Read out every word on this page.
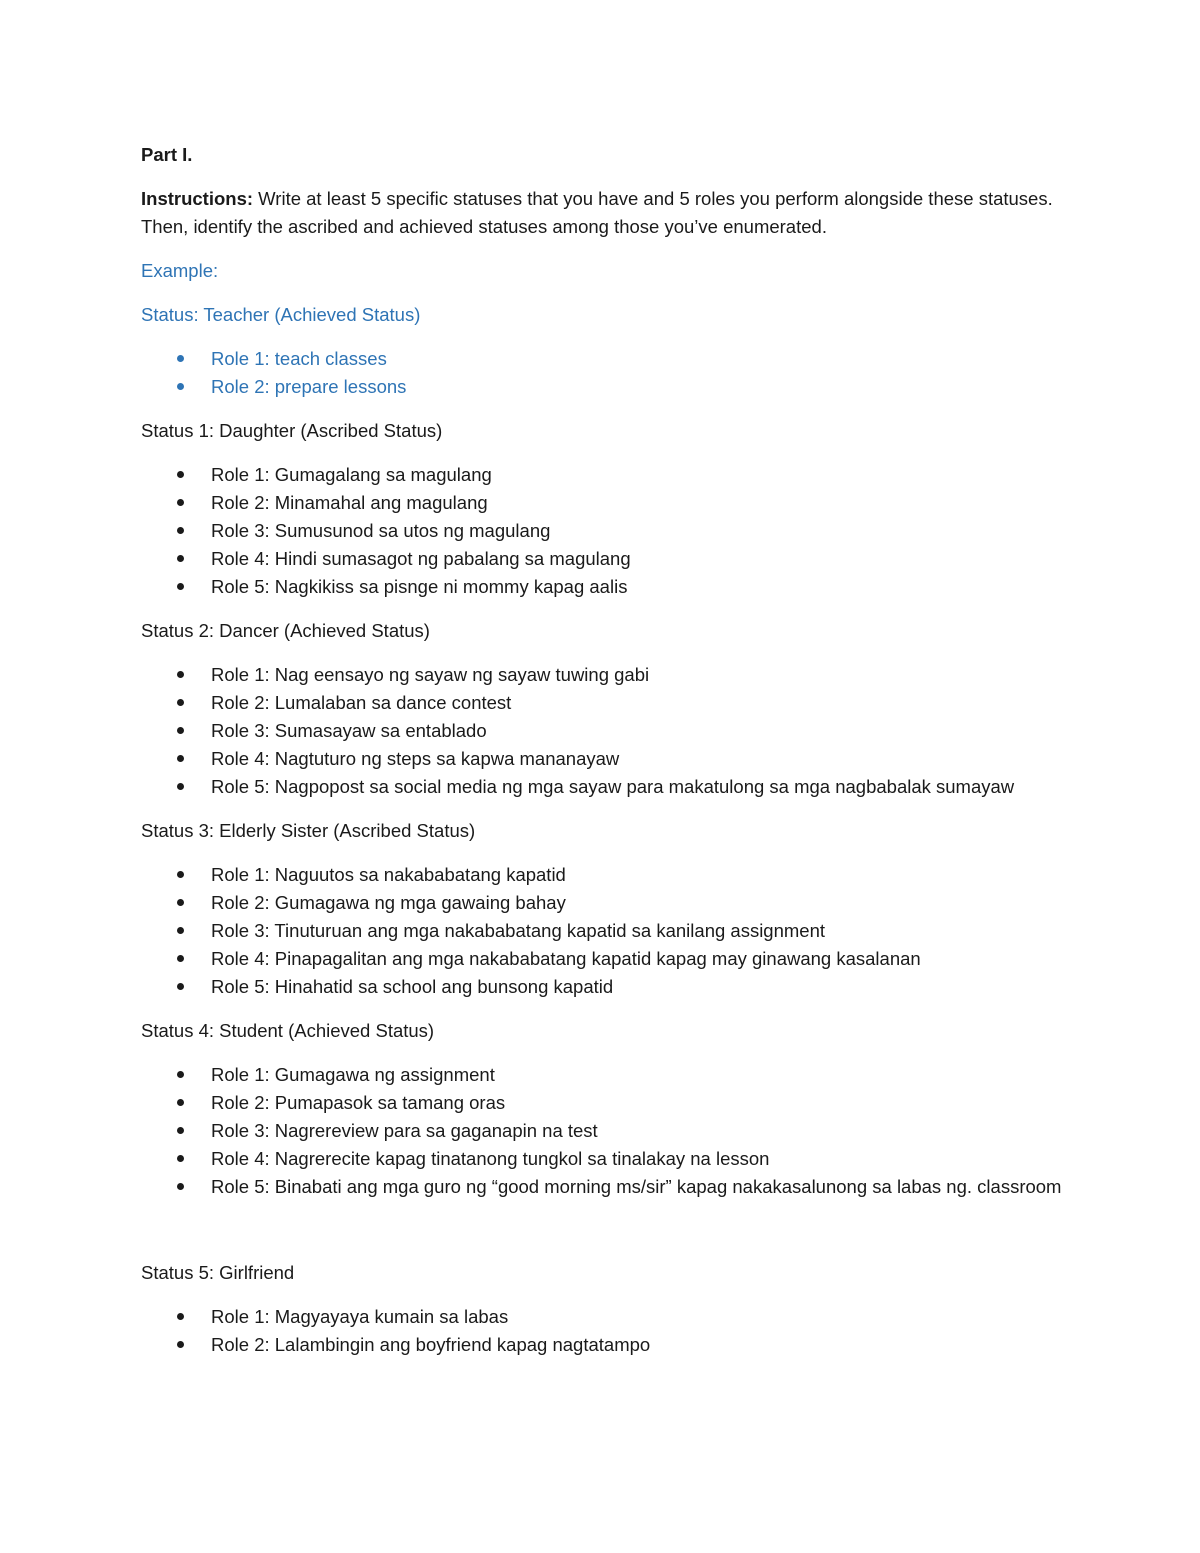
Part I.

Instructions: Write at least 5 specific statuses that you have and 5 roles you perform alongside these statuses. Then, identify the ascribed and achieved statuses among those you’ve enumerated.

Example:

Status: Teacher (Achieved Status)

Role 1: teach classes
Role 2: prepare lessons

Status 1: Daughter (Ascribed Status)

Role 1: Gumagalang sa magulang
Role 2: Minamahal ang magulang
Role 3: Sumusunod sa utos ng magulang
Role 4: Hindi sumasagot ng pabalang sa magulang
Role 5: Nagkikiss sa pisnge ni mommy kapag aalis

Status 2: Dancer (Achieved Status)

Role 1: Nag eensayo ng sayaw ng sayaw tuwing gabi
Role 2: Lumalaban sa dance contest
Role 3: Sumasayaw sa entablado
Role 4: Nagtuturo ng steps sa kapwa mananayaw
Role 5: Nagpopost sa social media ng mga sayaw para makatulong sa mga nagbabalak sumayaw

Status 3: Elderly Sister (Ascribed Status)

Role 1: Naguutos sa nakababatang kapatid
Role 2: Gumagawa ng mga gawaing bahay
Role 3: Tinuturuan ang mga nakababatang kapatid sa kanilang assignment
Role 4: Pinapagalitan ang mga nakababatang kapatid kapag may ginawang kasalanan
Role 5: Hinahatid sa school ang bunsong kapatid

Status 4: Student (Achieved Status)

Role 1: Gumagawa ng assignment
Role 2: Pumapasok sa tamang oras
Role 3: Nagrereview para sa gaganapin na test
Role 4: Nagrerecite kapag tinatanong tungkol sa tinalakay na lesson
Role 5: Binabati ang mga guro ng “good morning ms/sir” kapag nakakasalunong sa labas ng. classroom

Status 5: Girlfriend

Role 1: Magyayaya kumain sa labas
Role 2: Lalambingin ang boyfriend kapag nagtatampo
